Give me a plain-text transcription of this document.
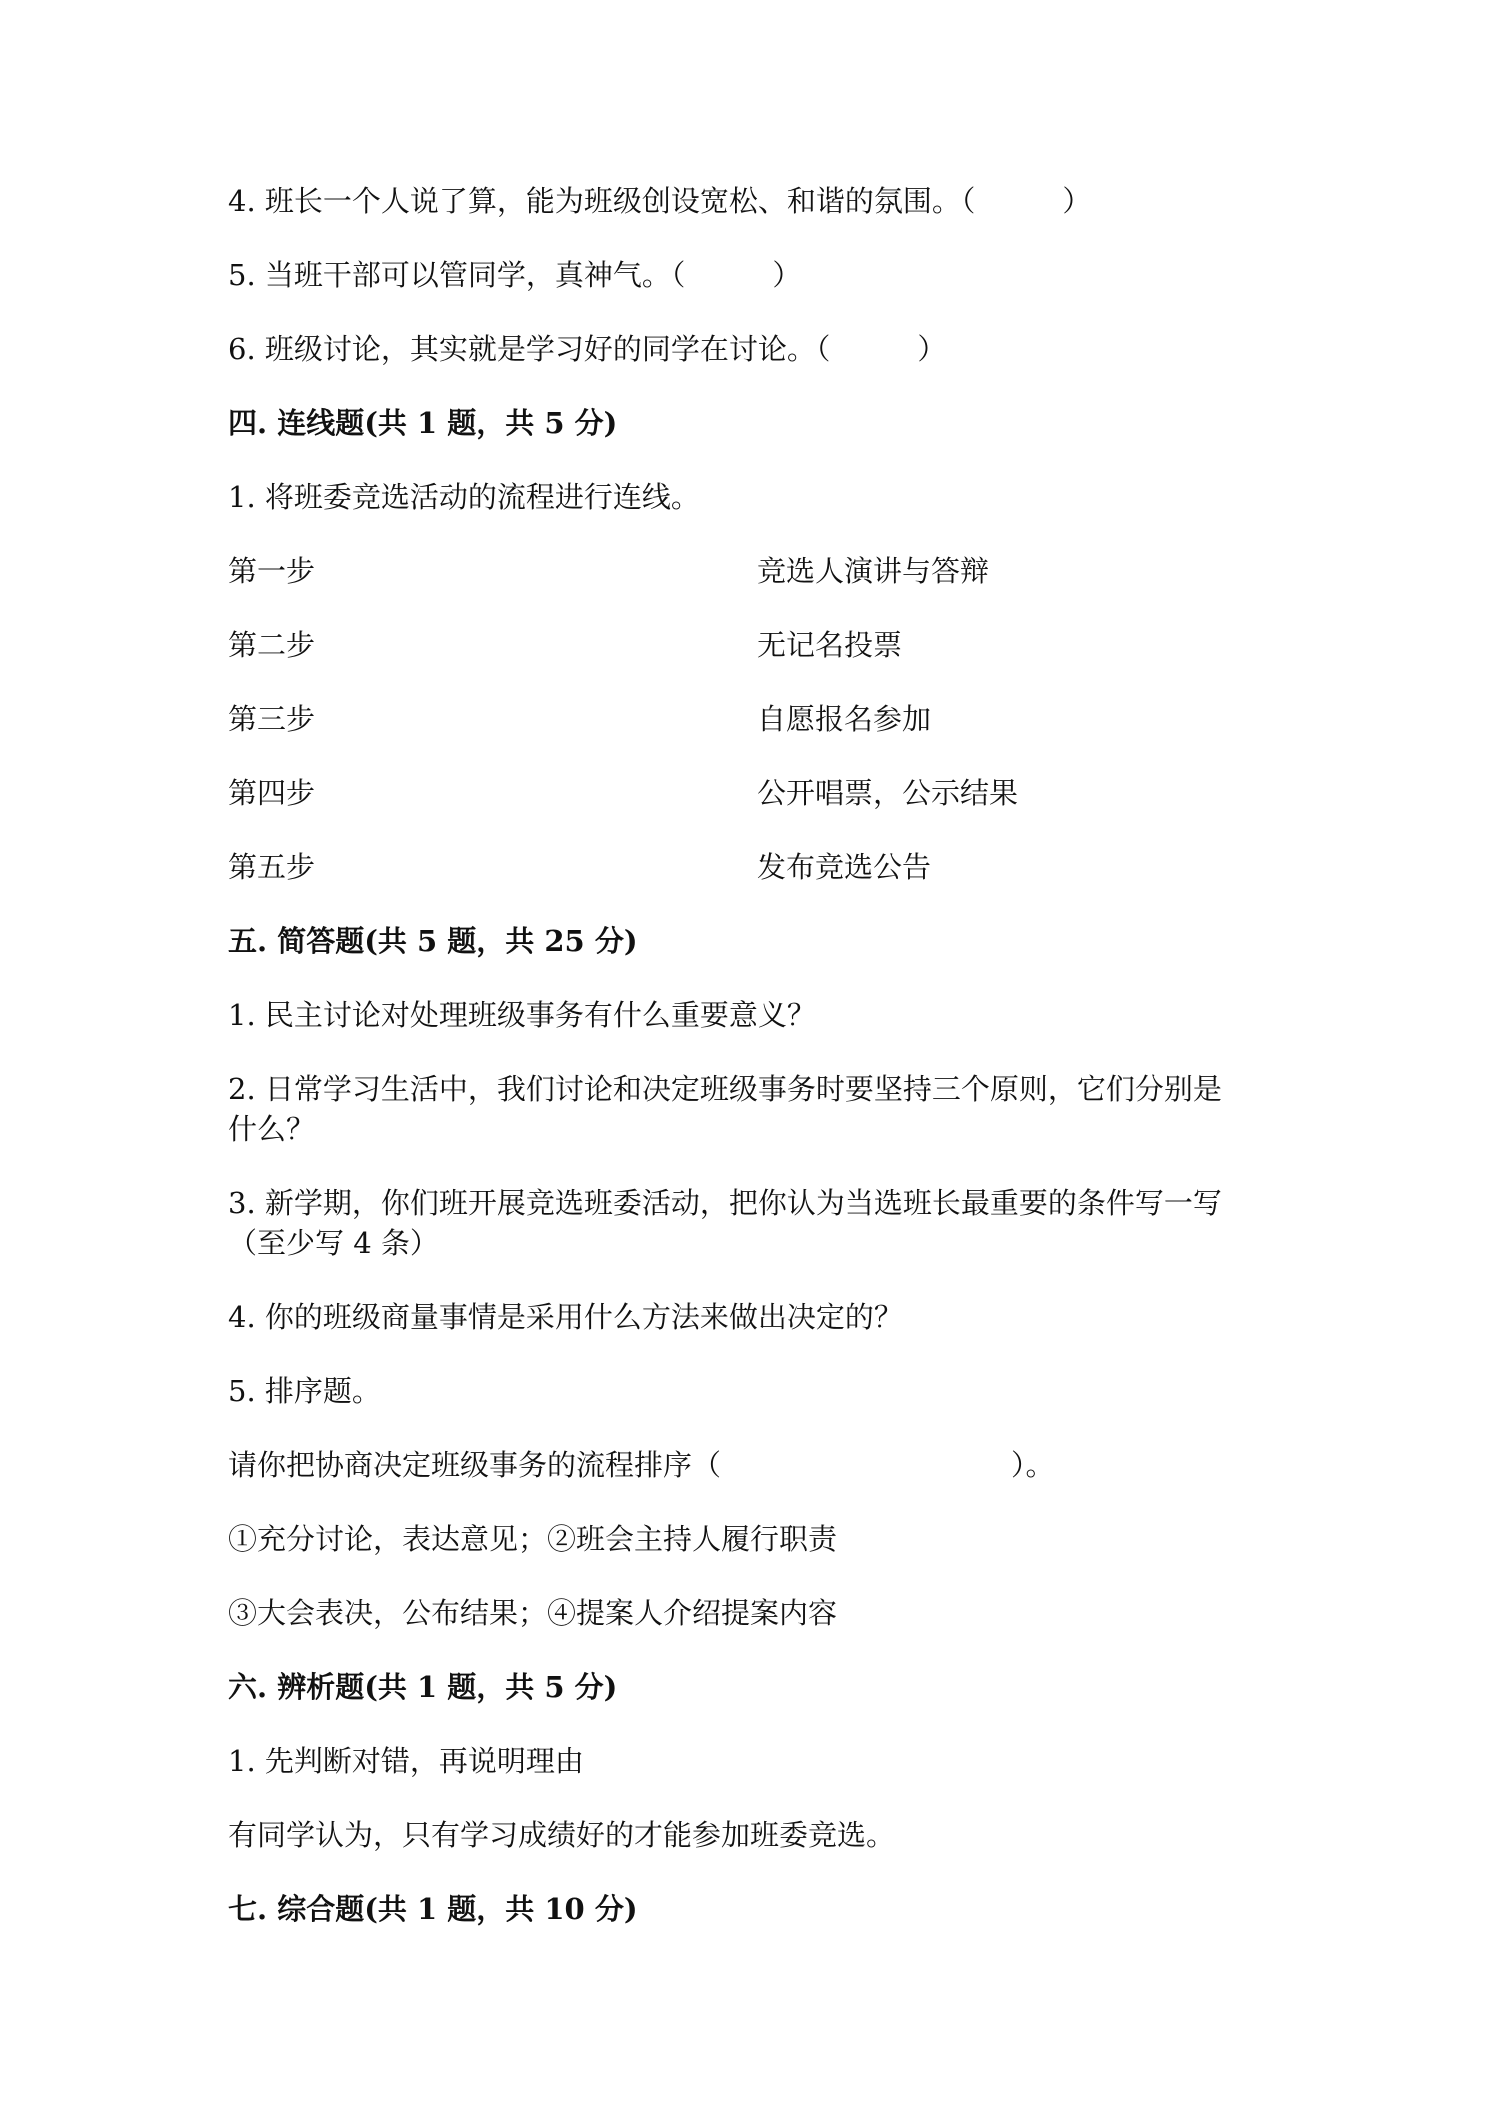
4. 班长一个人说了算，能为班级创设宽松、和谐的氛围。（　　　）
5. 当班干部可以管同学，真神气。（　　　）
6. 班级讨论，其实就是学习好的同学在讨论。（　　　）
四. 连线题(共 1 题，共 5 分)
1. 将班委竞选活动的流程进行连线。
第一步	竞选人演讲与答辩
第二步	无记名投票
第三步	自愿报名参加
第四步	公开唱票，公示结果
第五步	发布竞选公告
五. 简答题(共 5 题，共 25 分)
1. 民主讨论对处理班级事务有什么重要意义？
2. 日常学习生活中，我们讨论和决定班级事务时要坚持三个原则，它们分别是
什么？
3. 新学期，你们班开展竞选班委活动，把你认为当选班长最重要的条件写一写
（至少写 4 条）
4. 你的班级商量事情是采用什么方法来做出决定的？
5. 排序题。
请你把协商决定班级事务的流程排序（　　　　　　　　　　）。
①充分讨论，表达意见；②班会主持人履行职责
③大会表决，公布结果；④提案人介绍提案内容
六. 辨析题(共 1 题，共 5 分)
1. 先判断对错，再说明理由
有同学认为，只有学习成绩好的才能参加班委竞选。
七. 综合题(共 1 题，共 10 分)
